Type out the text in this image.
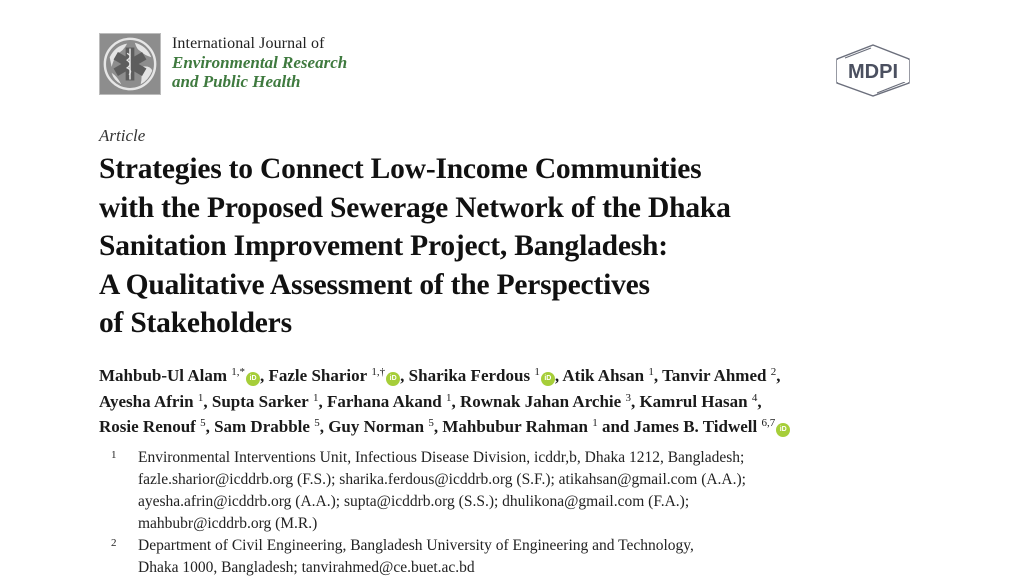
International Journal of
Environmental Research
and Public Health	MDPI
Article
Strategies to Connect Low-Income Communities
with the Proposed Sewerage Network of the Dhaka
Sanitation Improvement Project, Bangladesh:
A Qualitative Assessment of the Perspectives
of Stakeholders
Mahbub-Ul Alam $^{1,*}$iD , Fazle Sharior $^{1,\dagger}$iD , Sharika Ferdous $^1$iD , Atik Ahsan $^1$, Tanvir Ahmed $^2$,
Ayesha Afrin $^1$, Supta Sarker $^1$, Farhana Akand $^1$, Rownak Jahan Archie $^3$, Kamrul Hasan $^4$,
Rosie Renouf $^5$, Sam Drabble $^5$, Guy Norman $^5$, Mahbubur Rahman $^1$ and James B. Tidwell $^{6,7}$iD
1	Environmental Interventions Unit, Infectious Disease Division, icddr,b, Dhaka 1212, Bangladesh;
fazle.sharior@icddrb.org (F.S.); sharika.ferdous@icddrb.org (S.F.); atikahsan@gmail.com (A.A.);
ayesha.afrin@icddrb.org (A.A.); supta@icddrb.org (S.S.); dhulikona@gmail.com (F.A.);
mahbubr@icddrb.org (M.R.)
2	Department of Civil Engineering, Bangladesh University of Engineering and Technology,
Dhaka 1000, Bangladesh; tanvirahmed@ce.buet.ac.bd
